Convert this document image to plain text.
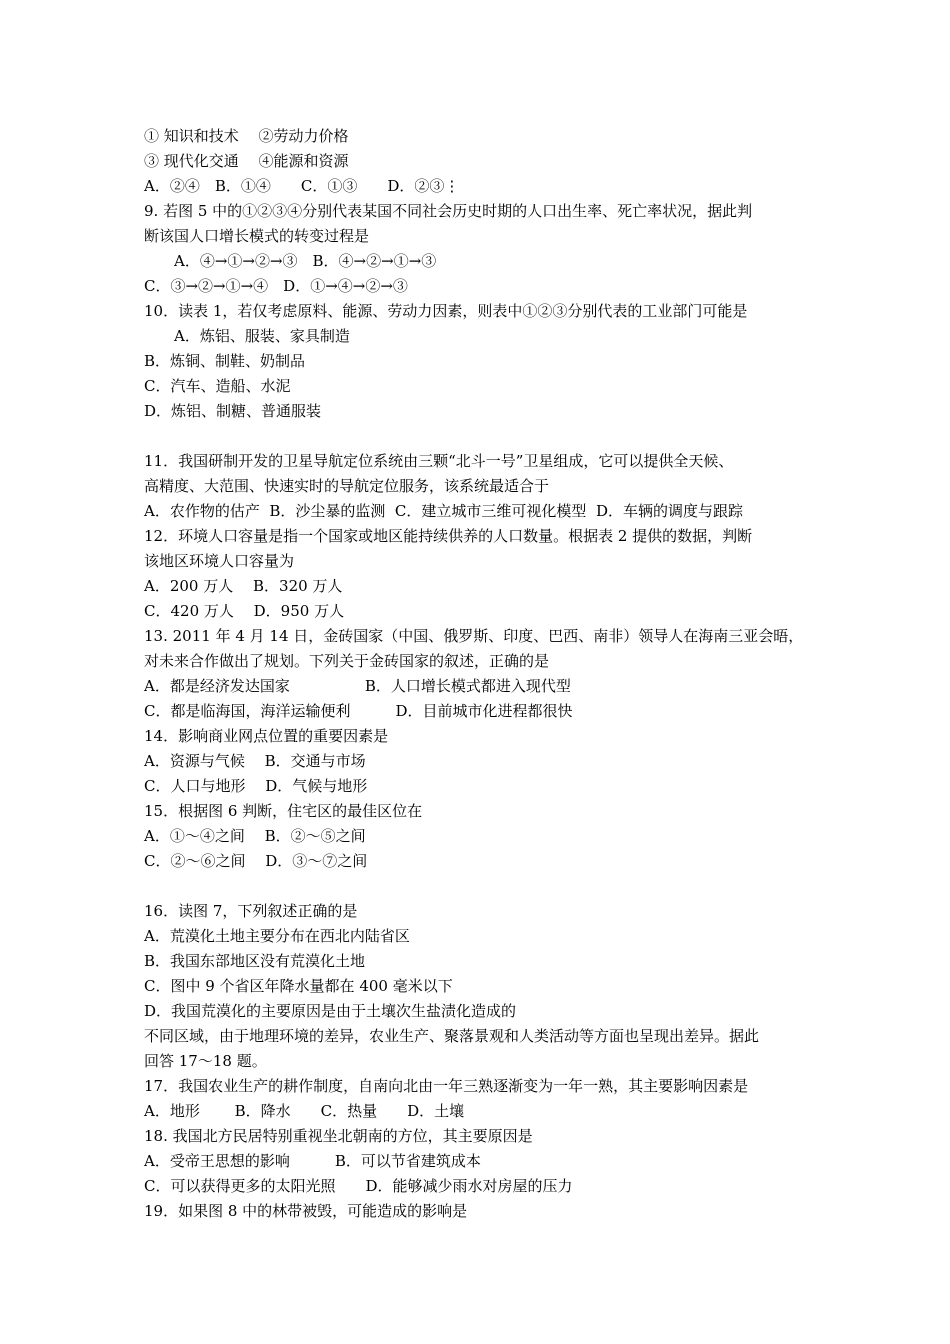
① 知识和技术　 ②劳动力价格
③ 现代化交通　 ④能源和资源
A．②④　B．①④　　C．①③　　D．②③⋮
9. 若图 5 中的①②③④分别代表某国不同社会历史时期的人口出生率、死亡率状况，据此判
断该国人口增长模式的转变过程是
A．④→①→②→③　B．④→②→①→③
C．③→②→①→④　D．①→④→②→③
10．读表 1，若仅考虑原料、能源、劳动力因素，则表中①②③分别代表的工业部门可能是
A．炼铝、服装、家具制造
B．炼铜、制鞋、奶制品
C．汽车、造船、水泥
D．炼铝、制糖、普通服装
11．我国研制开发的卫星导航定位系统由三颗“北斗一号”卫星组成，它可以提供全天候、
高精度、大范围、快速实时的导航定位服务，该系统最适合于
A．农作物的估产  B．沙尘暴的监测  C．建立城市三维可视化模型  D．车辆的调度与跟踪
12．环境人口容量是指一个国家或地区能持续供养的人口数量。根据表 2 提供的数据，判断
该地区环境人口容量为
A．200 万人　 B．320 万人
C．420 万人　 D．950 万人
13. 2011 年 4 月 14 日，金砖国家（中国、俄罗斯、印度、巴西、南非）领导人在海南三亚会晤，
对未来合作做出了规划。下列关于金砖国家的叙述，正确的是
A．都是经济发达国家　　　　　B．人口增长模式都进入现代型
C．都是临海国，海洋运输便利　　　D．目前城市化进程都很快
14．影响商业网点位置的重要因素是
A．资源与气候　 B．交通与市场
C．人口与地形　 D．气候与地形
15．根据图 6 判断，住宅区的最佳区位在
A．①～④之间　 B．②～⑤之间
C．②～⑥之间　 D．③～⑦之间
16．读图 7，下列叙述正确的是
A．荒漠化土地主要分布在西北内陆省区
B．我国东部地区没有荒漠化土地
C．图中 9 个省区年降水量都在 400 毫米以下
D．我国荒漠化的主要原因是由于土壤次生盐渍化造成的
不同区域，由于地理环境的差异，农业生产、聚落景观和人类活动等方面也呈现出差异。据此
回答 17～18 题。
17．我国农业生产的耕作制度，自南向北由一年三熟逐渐变为一年一熟，其主要影响因素是
A．地形　　 B．降水　　C．热量　　D．土壤
18. 我国北方民居特别重视坐北朝南的方位，其主要原因是
A．受帝王思想的影响　　　B．可以节省建筑成本
C．可以获得更多的太阳光照　　D．能够减少雨水对房屋的压力
19．如果图 8 中的林带被毁，可能造成的影响是
